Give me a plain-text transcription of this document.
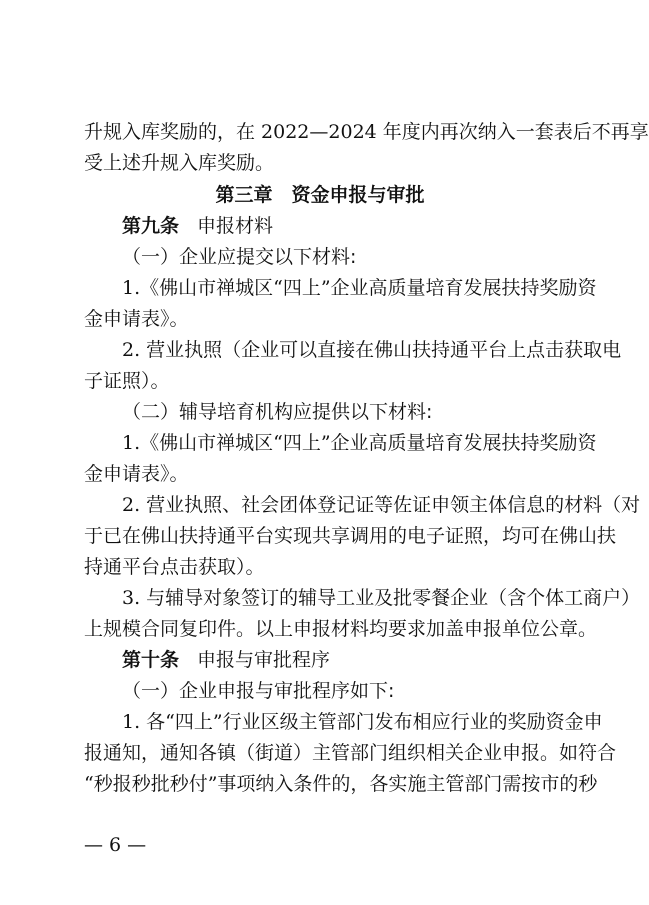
升规入库奖励的，在 2022—2024 年度内再次纳入一套表后不再享
受上述升规入库奖励。
第三章　资金申报与审批
第九条 申报材料
（一）企业应提交以下材料:
1.《佛山市禅城区“四上”企业高质量培育发展扶持奖励资
金申请表》。
2. 营业执照（企业可以直接在佛山扶持通平台上点击获取电
子证照）。
（二）辅导培育机构应提供以下材料:
1.《佛山市禅城区“四上”企业高质量培育发展扶持奖励资
金申请表》。
2. 营业执照、社会团体登记证等佐证申领主体信息的材料（对
于已在佛山扶持通平台实现共享调用的电子证照，均可在佛山扶
持通平台点击获取）。
3. 与辅导对象签订的辅导工业及批零餐企业（含个体工商户）
上规模合同复印件。以上申报材料均要求加盖申报单位公章。
第十条 申报与审批程序
（一）企业申报与审批程序如下:
1. 各“四上”行业区级主管部门发布相应行业的奖励资金申
报通知，通知各镇（街道）主管部门组织相关企业申报。如符合
“秒报秒批秒付”事项纳入条件的，各实施主管部门需按市的秒
— 6 —
